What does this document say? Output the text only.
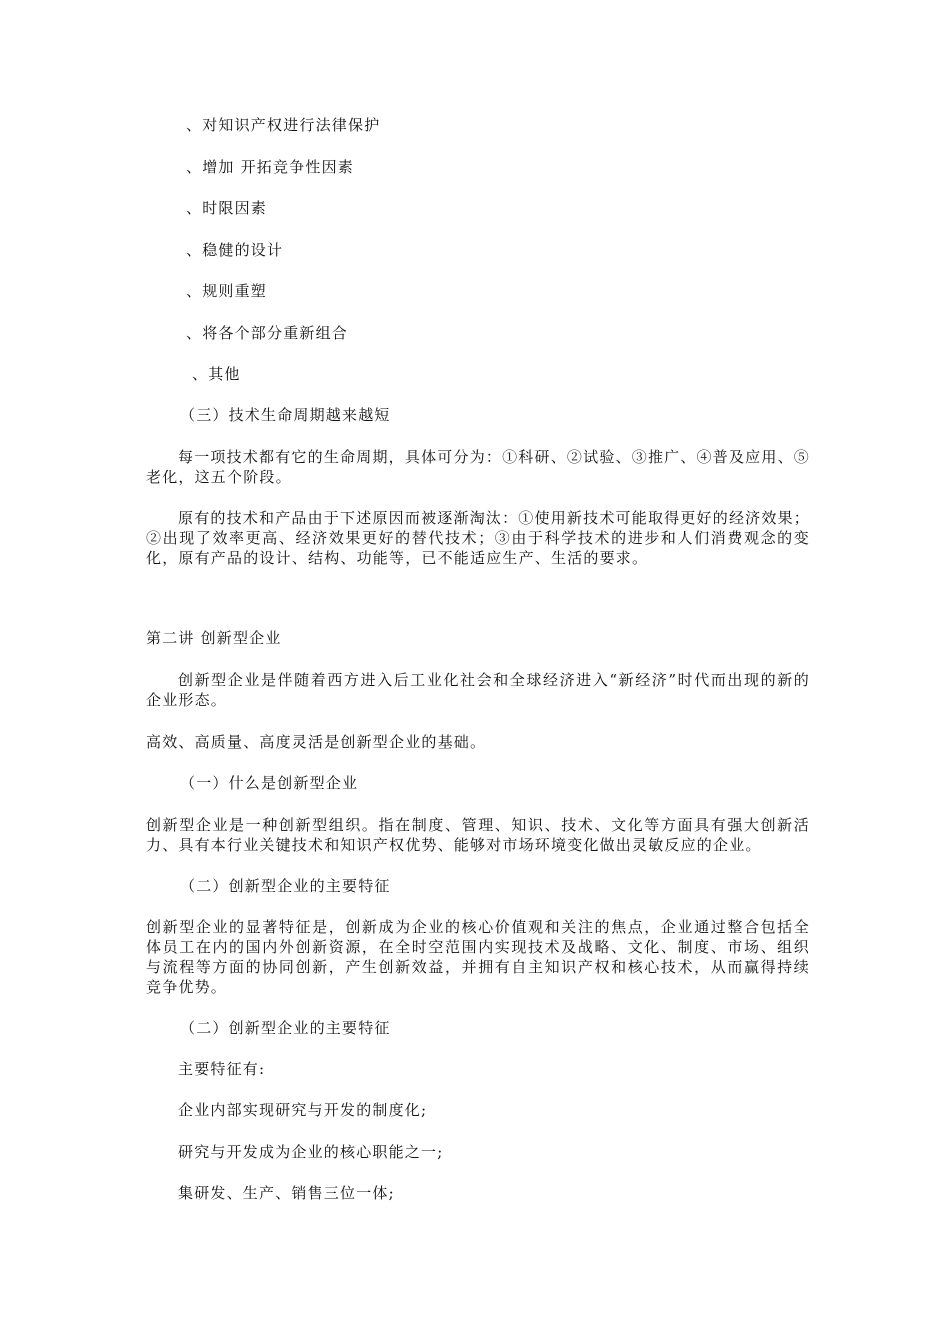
、对知识产权进行法律保护
、增加 开拓竞争性因素
、时限因素
、稳健的设计
、规则重塑
、将各个部分重新组合
、其他
（三）技术生命周期越来越短
每一项技术都有它的生命周期，具体可分为：①科研、②试验、③推广、④普及应用、⑤老化，这五个阶段。
原有的技术和产品由于下述原因而被逐渐淘汰：①使用新技术可能取得更好的经济效果；②出现了效率更高、经济效果更好的替代技术；③由于科学技术的进步和人们消费观念的变化，原有产品的设计、结构、功能等，已不能适应生产、生活的要求。
第二讲 创新型企业
创新型企业是伴随着西方进入后工业化社会和全球经济进入“新经济”时代而出现的新的企业形态。
高效、高质量、高度灵活是创新型企业的基础。
（一）什么是创新型企业
创新型企业是一种创新型组织。指在制度、管理、知识、技术、文化等方面具有强大创新活力、具有本行业关键技术和知识产权优势、能够对市场环境变化做出灵敏反应的企业。
（二）创新型企业的主要特征
创新型企业的显著特征是，创新成为企业的核心价值观和关注的焦点，企业通过整合包括全体员工在内的国内外创新资源，在全时空范围内实现技术及战略、文化、制度、市场、组织与流程等方面的协同创新，产生创新效益，并拥有自主知识产权和核心技术，从而赢得持续竞争优势。
（二）创新型企业的主要特征
主要特征有:
企业内部实现研究与开发的制度化;
研究与开发成为企业的核心职能之一;
集研发、生产、销售三位一体;
